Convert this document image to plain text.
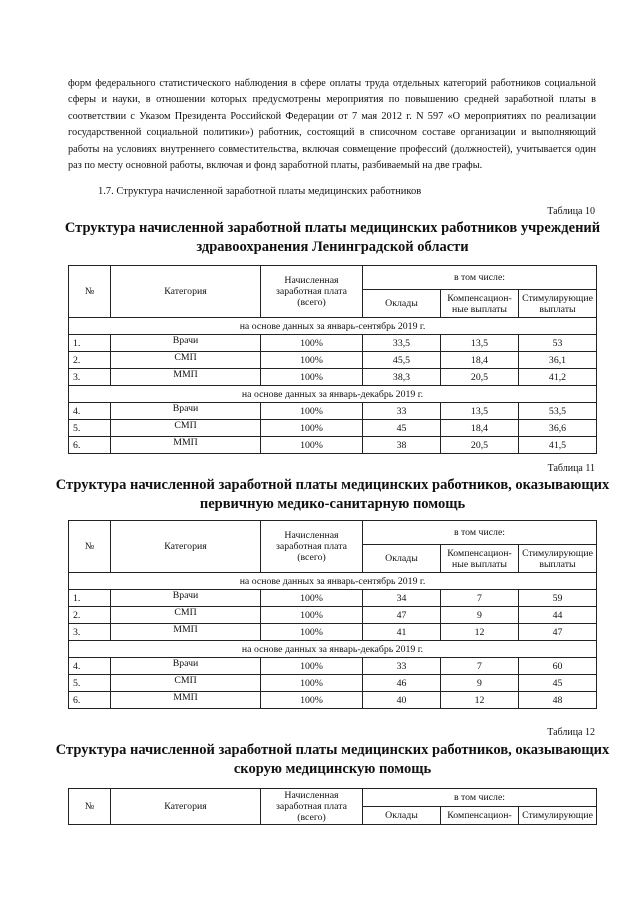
форм федерального статистического наблюдения в сфере оплаты труда отдельных категорий работников социальной сферы и науки, в отношении которых предусмотрены мероприятия по повышению средней заработной платы в соответствии с Указом Президента Российской Федерации от 7 мая 2012 г. N 597 «О мероприятиях по реализации государственной социальной политики») работник, состоящий в списочном составе организации и выполняющий работы на условиях внутреннего совместительства, включая совмещение профессий (должностей), учитывается один раз по месту основной работы, включая и фонд заработной платы, разбиваемый на две графы.

1.7. Структура начисленной заработной платы медицинских работников

Таблица 10

Структура начисленной заработной платы медицинских работников учреждений здравоохранения Ленинградской области

№	Категория	Начисленная заработная плата (всего)	в том числе:		
			Оклады	Компенсацион-ные выплаты	Стимулирующие выплаты
на основе данных за январь-сентябрь 2019 г.					
1.	Врачи	100%	33,5	13,5	53
2.	СМП	100%	45,5	18,4	36,1
3.	ММП	100%	38,3	20,5	41,2
на основе данных за январь-декабрь 2019 г.					
4.	Врачи	100%	33	13,5	53,5
5.	СМП	100%	45	18,4	36,6
6.	ММП	100%	38	20,5	41,5

Таблица 11

Структура начисленной заработной платы медицинских работников, оказывающих первичную медико-санитарную помощь

№	Категория	Начисленная заработная плата (всего)	в том числе:		
			Оклады	Компенсацион-ные выплаты	Стимулирующие выплаты
на основе данных за январь-сентябрь 2019 г.					
1.	Врачи	100%	34	7	59
2.	СМП	100%	47	9	44
3.	ММП	100%	41	12	47
на основе данных за январь-декабрь 2019 г.					
4.	Врачи	100%	33	7	60
5.	СМП	100%	46	9	45
6.	ММП	100%	40	12	48

Таблица 12

Структура начисленной заработной платы медицинских работников, оказывающих скорую медицинскую помощь

№	Категория	Начисленная заработная плата (всего)	в том числе:		
			Оклады	Компенсацион-	Стимулирующие
